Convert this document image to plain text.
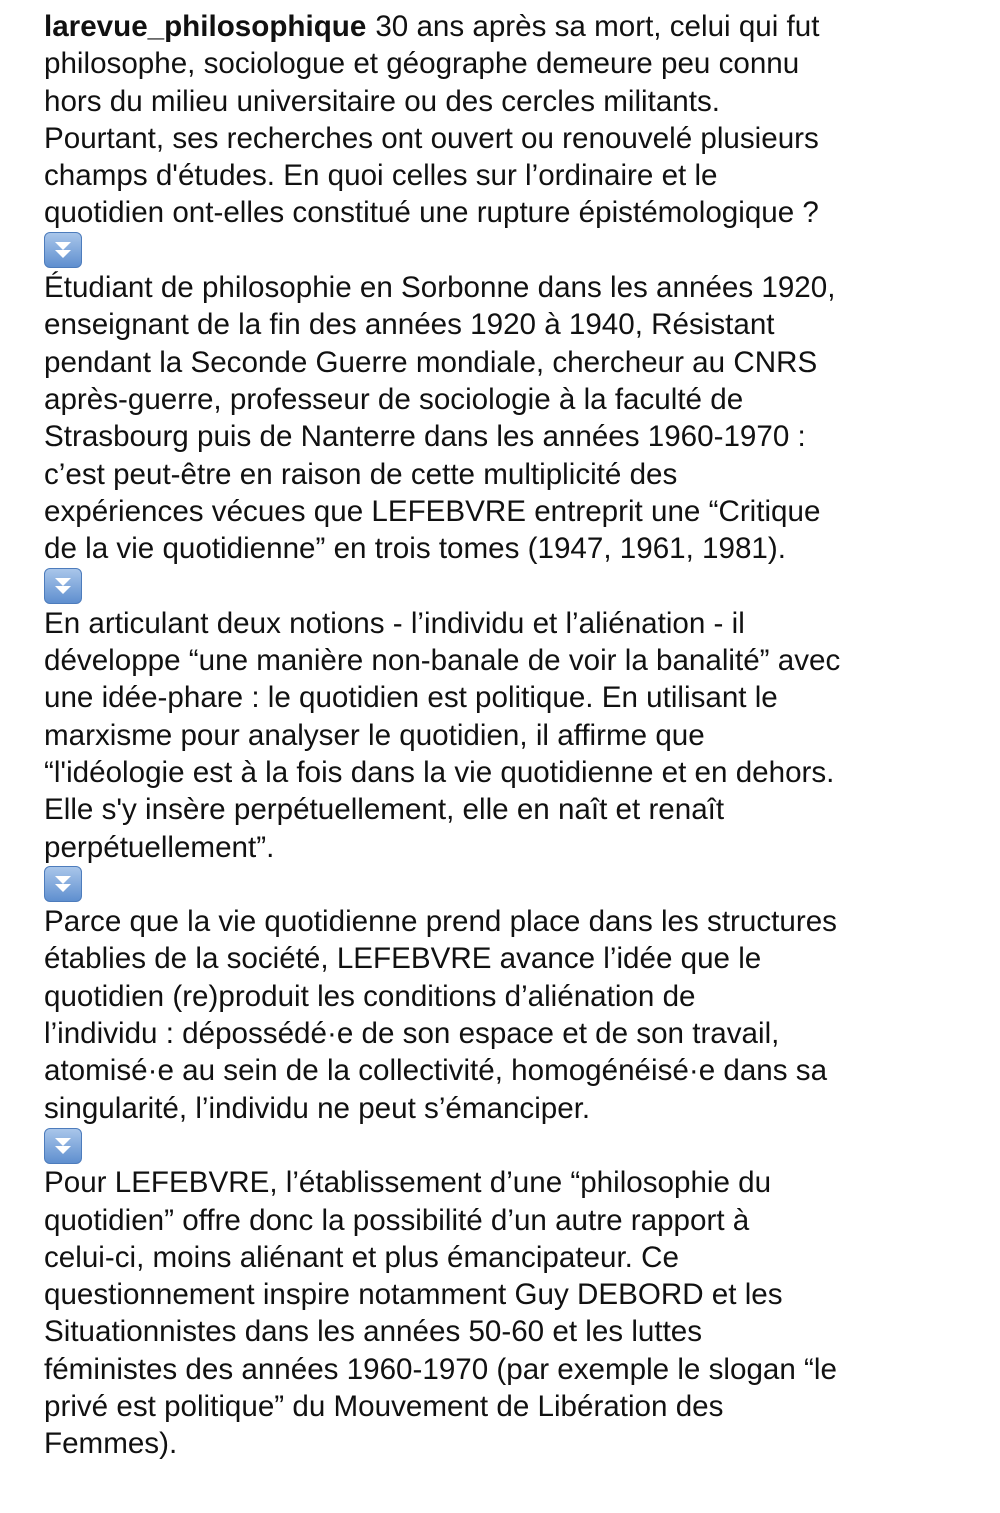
larevue_philosophique 30 ans après sa mort, celui qui fut
philosophe, sociologue et géographe demeure peu connu
hors du milieu universitaire ou des cercles militants.
Pourtant, ses recherches ont ouvert ou renouvelé plusieurs
champs d'études. En quoi celles sur l’ordinaire et le
quotidien ont-elles constitué une rupture épistémologique ?
Étudiant de philosophie en Sorbonne dans les années 1920,
enseignant de la fin des années 1920 à 1940, Résistant
pendant la Seconde Guerre mondiale, chercheur au CNRS
après-guerre, professeur de sociologie à la faculté de
Strasbourg puis de Nanterre dans les années 1960-1970 :
c’est peut-être en raison de cette multiplicité des
expériences vécues que LEFEBVRE entreprit une “Critique
de la vie quotidienne” en trois tomes (1947, 1961, 1981).
En articulant deux notions - l’individu et l’aliénation - il
développe “une manière non-banale de voir la banalité” avec
une idée-phare : le quotidien est politique. En utilisant le
marxisme pour analyser le quotidien, il affirme que
“l'idéologie est à la fois dans la vie quotidienne et en dehors.
Elle s'y insère perpétuellement, elle en naît et renaît
perpétuellement”.
Parce que la vie quotidienne prend place dans les structures
établies de la société, LEFEBVRE avance l’idée que le
quotidien (re)produit les conditions d’aliénation de
l’individu : dépossédé·e de son espace et de son travail,
atomisé·e au sein de la collectivité, homogénéisé·e dans sa
singularité, l’individu ne peut s’émanciper.
Pour LEFEBVRE, l’établissement d’une “philosophie du
quotidien” offre donc la possibilité d’un autre rapport à
celui-ci, moins aliénant et plus émancipateur. Ce
questionnement inspire notamment Guy DEBORD et les
Situationnistes dans les années 50-60 et les luttes
féministes des années 1960-1970 (par exemple le slogan “le
privé est politique” du Mouvement de Libération des
Femmes).
